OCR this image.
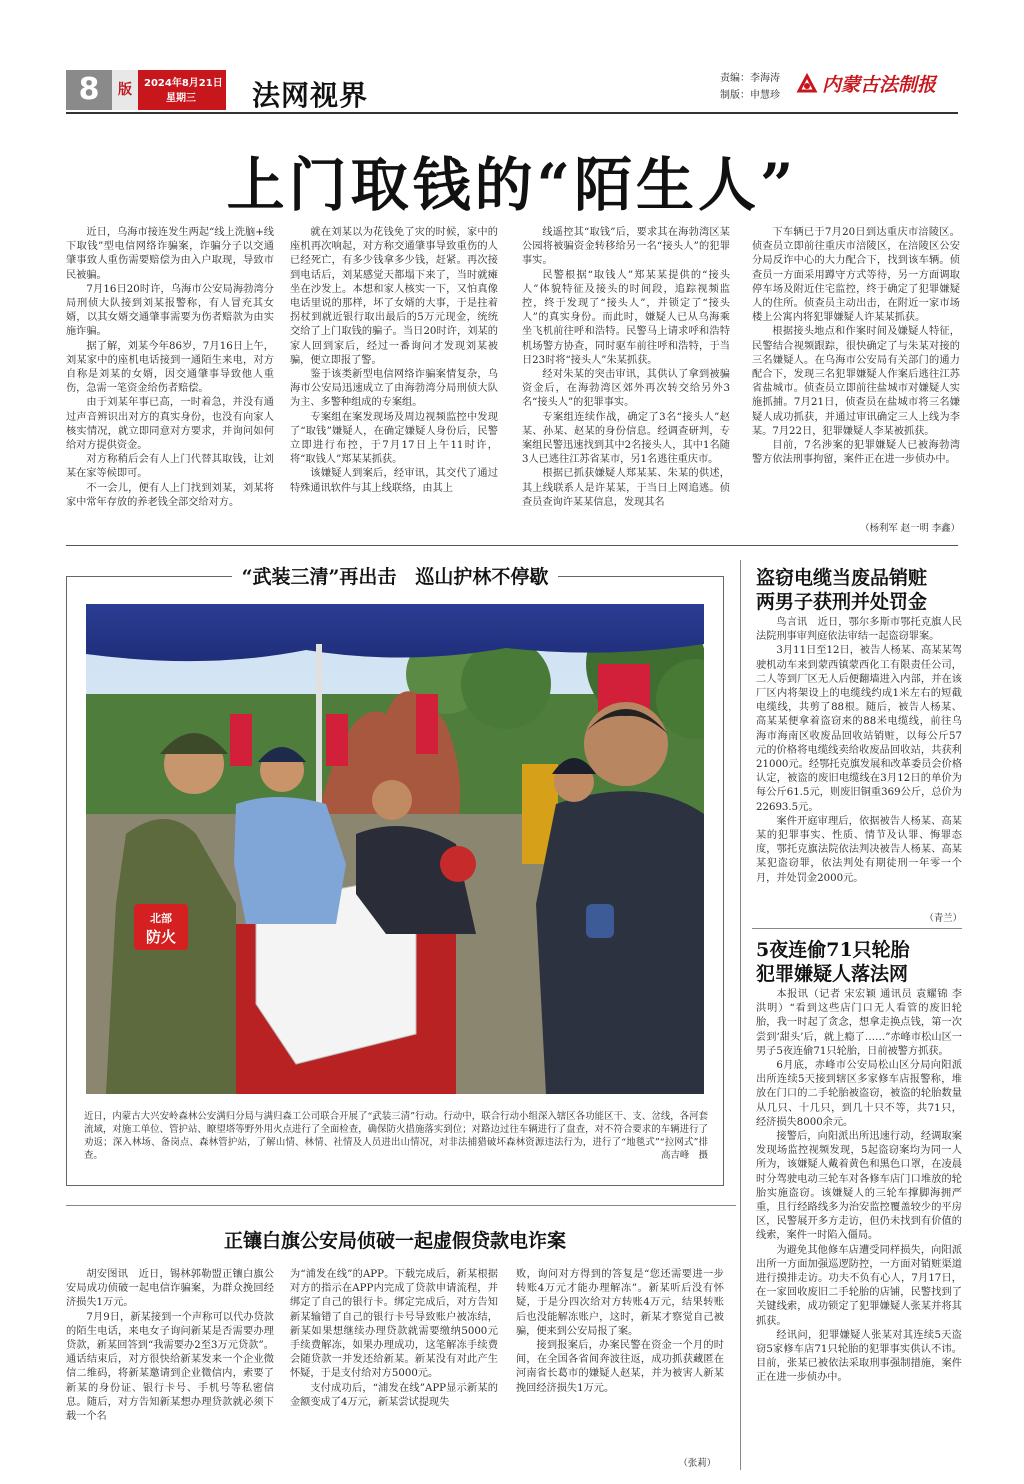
8	版	2024年8月21日
星期三	法网视界
责编：李海涛
制版：申慧珍 内蒙古法制报
上门取钱的“陌生人”

近日，乌海市接连发生两起“线上洗脑+线下取钱”型电信网络诈骗案，诈骗分子以交通肇事致人重伤需要赔偿为由入户取现，导致市民被骗。

7月16日20时许，乌海市公安局海勃湾分局刑侦大队接到刘某报警称，有人冒充其女婿，以其女婿交通肇事需要为伤者赔款为由实施诈骗。

据了解，刘某今年86岁，7月16日上午，刘某家中的座机电话接到一通陌生来电，对方自称是刘某的女婿，因交通肇事导致他人重伤，急需一笔资金给伤者赔偿。

由于刘某年事已高，一时着急，并没有通过声音辨识出对方的真实身份，也没有向家人核实情况，就立即同意对方要求，并询问如何给对方提供资金。

对方称稍后会有人上门代替其取钱，让刘某在家等候即可。

不一会儿，便有人上门找到刘某，刘某将家中常年存放的养老钱全部交给对方。

就在刘某以为花钱免了灾的时候，家中的座机再次响起，对方称交通肇事导致重伤的人已经死亡，有多少钱拿多少钱，赶紧。再次接到电话后，刘某感觉天都塌下来了，当时就瘫坐在沙发上。本想和家人核实一下，又怕真像电话里说的那样，坏了女婿的大事，于是拄着拐杖到就近银行取出最后的5万元现金，统统交给了上门取钱的骗子。当日20时许，刘某的家人回到家后，经过一番询问才发现刘某被骗，便立即报了警。

鉴于该类新型电信网络诈骗案情复杂，乌海市公安局迅速成立了由海勃湾分局刑侦大队为主、多警种组成的专案组。

专案组在案发现场及周边视频监控中发现了“取钱”嫌疑人，在确定嫌疑人身份后，民警立即进行布控，于7月17日上午11时许，将“取钱人”郑某某抓获。

该嫌疑人到案后，经审讯，其交代了通过特殊通讯软件与其上线联络，由其上

线遥控其“取钱”后，要求其在海勃湾区某公园将被骗资金转移给另一名“接头人”的犯罪事实。

民警根据“取钱人”郑某某提供的“接头人”体貌特征及接头的时间段，追踪视频监控，终于发现了“接头人”，并锁定了“接头人”的真实身份。而此时，嫌疑人已从乌海乘坐飞机前往呼和浩特。民警马上请求呼和浩特机场警方协查，同时驱车前往呼和浩特，于当日23时将“接头人”朱某抓获。

经对朱某的突击审讯，其供认了拿到被骗资金后，在海勃湾区郊外再次转交给另外3名“接头人”的犯罪事实。

专案组连续作战，确定了3名“接头人”赵某、孙某、赵某的身份信息。经调查研判，专案组民警迅速找到其中2名接头人，其中1名随3人已逃往江苏省某市，另1名逃往重庆市。

根据已抓获嫌疑人郑某某、朱某的供述，其上线联系人是许某某，于当日上网追逃。侦查员查询许某某信息，发现其名

下车辆已于7月20日到达重庆市涪陵区。侦查员立即前往重庆市涪陵区，在涪陵区公安分局反诈中心的大力配合下，找到该车辆。侦查员一方面采用蹲守方式等待，另一方面调取停车场及附近住宅监控，终于确定了犯罪嫌疑人的住所。侦查员主动出击，在附近一家市场楼上公寓内将犯罪嫌疑人许某某抓获。

根据接头地点和作案时间及嫌疑人特征，民警结合视频跟踪，很快确定了与朱某对接的三名嫌疑人。在乌海市公安局有关部门的通力配合下，发现三名犯罪嫌疑人作案后逃往江苏省盐城市。侦查员立即前往盐城市对嫌疑人实施抓捕。7月21日，侦查员在盐城市将三名嫌疑人成功抓获，并通过审讯确定三人上线为李某。7月22日，犯罪嫌疑人李某被抓获。

目前，7名涉案的犯罪嫌疑人已被海勃湾警方依法刑事拘留，案件正在进一步侦办中。

（杨利军 赵一明 李鑫）
“武装三清”再出击　巡山护林不停歇
北部
防火
近日，内蒙古大兴安岭森林公安满归分局与满归森工公司联合开展了“武装三清”行动。行动中，联合行动小组深入辖区各功能区干、支、岔线，各河套流域，对施工单位、管护站、瞭望塔等野外用火点进行了全面检查，确保防火措施落实到位；对路边过往车辆进行了盘查，对不符合要求的车辆进行了劝返；深入林场、备岗点、森林管护站，了解山情、林情、社情及人员进出山情况，对非法捕猎破坏森林资源违法行为，进行了“地毯式”“拉网式”排查。	高吉峰　摄
盗窃电缆当废品销赃
两男子获刑并处罚金

鸟言讯　近日，鄂尔多斯市鄂托克旗人民法院刑事审判庭依法审结一起盗窃罪案。

3月11日至12日，被告人杨某、高某某驾驶机动车来到蒙西镇蒙西化工有限责任公司，二人等到厂区无人后便翻墙进入内部，并在该厂区内将架设上的电缆线约成1米左右的短截电缆线，共剪了88根。随后，被告人杨某、高某某便拿着盗窃来的88米电缆线，前往乌海市海南区收废品回收站销赃，以每公斤57元的价格将电缆线卖给收废品回收站，共获利21000元。经鄂托克旗发展和改革委员会价格认定，被盗的废旧电缆线在3月12日的单价为每公斤61.5元，则废旧铜重369公斤，总价为22693.5元。

案件开庭审理后，依据被告人杨某、高某某的犯罪事实、性质、情节及认罪、悔罪态度，鄂托克旗法院依法判决被告人杨某、高某某犯盗窃罪，依法判处有期徒刑一年零一个月，并处罚金2000元。

（青兰）
5夜连偷71只轮胎
犯罪嫌疑人落法网

本报讯（记者 宋宏颖 通讯员 袁耀锦 李洪明）“看到这些店门口无人看管的废旧轮胎，我一时起了贪念，想拿走换点钱，第一次尝到‘甜头’后，就上瘾了……”赤峰市松山区一男子5夜连偷71只轮胎，日前被警方抓获。

6月底，赤峰市公安局松山区分局向阳派出所连续5天接到辖区多家修车店报警称，堆放在门口的二手轮胎被盗窃，被盗的轮胎数量从几只、十几只，到几十只不等，共71只，经济损失8000余元。

接警后，向阳派出所迅速行动，经调取案发现场监控视频发现，5起盗窃案均为同一人所为，该嫌疑人戴着黄色和黑色口罩，在凌晨时分驾驶电动三轮车对各修车店门口堆放的轮胎实施盗窃。该嫌疑人的三轮车撑脚海拥严重，且行经路线多为治安监控覆盖较少的平房区，民警展开多方走访，但仍未找到有价值的线索，案件一时陷入僵局。

为避免其他修车店遭受同样损失，向阳派出所一方面加强巡逻防控，一方面对销赃渠道进行摸排走访。功夫不负有心人，7月17日，在一家回收废旧二手轮胎的店铺，民警找到了关键线索，成功锁定了犯罪嫌疑人张某并将其抓获。

经讯问，犯罪嫌疑人张某对其连续5天盗窃5家修车店71只轮胎的犯罪事实供认不讳。目前，张某已被依法采取刑事强制措施，案件正在进一步侦办中。

正镶白旗公安局侦破一起虚假贷款电诈案

胡安图讯　近日，锡林郭勒盟正镶白旗公安局成功侦破一起电信诈骗案，为群众挽回经济损失1万元。

7月9日，新某接到一个声称可以代办贷款的陌生电话，来电女子询问新某是否需要办理贷款，新某回答到“我需要办2至3万元贷款”。通话结束后，对方很快给新某发来一个企业微信二维码，将新某邀请到企业微信内，索要了新某的身份证、银行卡号、手机号等私密信息。随后，对方告知新某想办理贷款就必须下载一个名

为“浦发在线”的APP。下载完成后，新某根据对方的指示在APP内完成了贷款申请流程，并绑定了自己的银行卡。绑定完成后，对方告知新某输错了自己的银行卡号导致账户被冻结，新某如果想继续办理贷款就需要缴纳5000元手续费解冻，如果办理成功，这笔解冻手续费会随贷款一并发还给新某。新某没有对此产生怀疑，于是支付给对方5000元。

支付成功后，“浦发在线”APP显示新某的金额变成了4万元，新某尝试提现失

败，询问对方得到的答复是“您还需要进一步转账4万元才能办理解冻”。新某听后没有怀疑，于是分四次给对方转账4万元，结果转账后也没能解冻账户，这时，新某才察觉自己被骗，便来到公安局报了案。

接到报案后，办案民警在资金一个月的时间，在全国各省间奔波往返，成功抓获藏匿在河南省长葛市的嫌疑人赵某，并为被害人新某挽回经济损失1万元。

（张莉）
